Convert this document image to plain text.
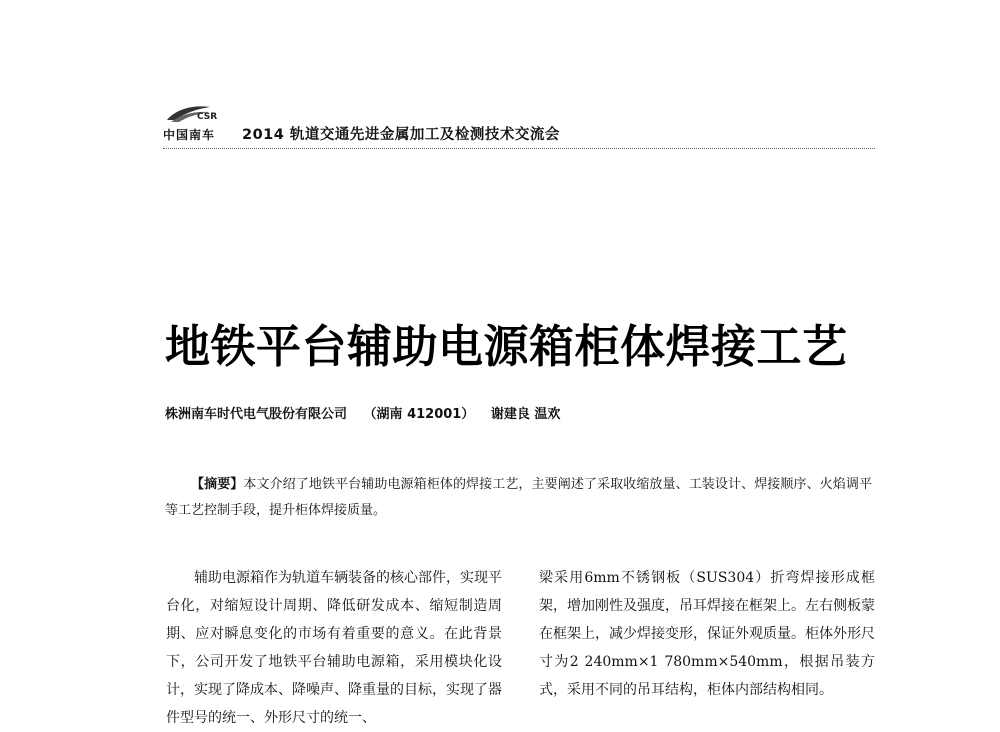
CSR
中国南车 2014 轨道交通先进金属加工及检测技术交流会
地铁平台辅助电源箱柜体焊接工艺
株洲南车时代电气股份有限公司 （湖南 412001） 谢建良 温欢
【摘要】本文介绍了地铁平台辅助电源箱柜体的焊接工艺，主要阐述了采取收缩放量、工装设计、焊接顺序、火焰调平等工艺控制手段，提升柜体焊接质量。

辅助电源箱作为轨道车辆装备的核心部件，实现平台化，对缩短设计周期、降低研发成本、缩短制造周期、应对瞬息变化的市场有着重要的意义。在此背景下，公司开发了地铁平台辅助电源箱，采用模块化设计，实现了降成本、降噪声、降重量的目标，实现了器件型号的统一、外形尺寸的统一、

梁采用6mm不锈钢板（SUS304）折弯焊接形成框架，增加刚性及强度，吊耳焊接在框架上。左右侧板蒙在框架上，减少焊接变形，保证外观质量。柜体外形尺寸为2 240mm×1 780mm×540mm，根据吊装方式，采用不同的吊耳结构，柜体内部结构相同。
